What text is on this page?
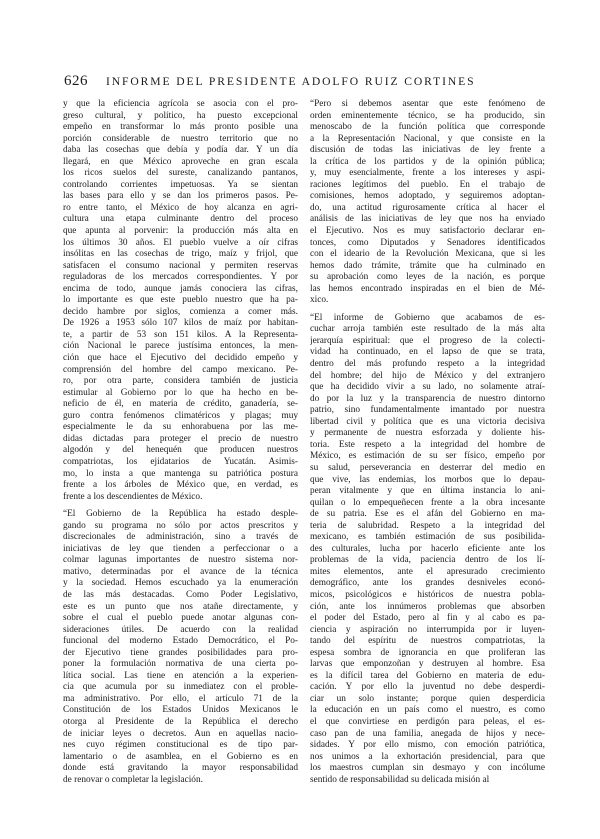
626	INFORME DEL PRESIDENTE ADOLFO RUIZ CORTINES
y que la eficiencia agrícola se asocia con el pro-
greso cultural, y político, ha puesto excepcional
empeño en transformar lo más pronto posible una
porción considerable de nuestro territorio que no
daba las cosechas que debía y podía dar. Y un día
llegará, en que México aproveche en gran escala
los ricos suelos del sureste, canalizando pantanos,
controlando corrientes impetuosas. Ya se sientan
las bases para ello y se dan los primeros pasos. Pe-
ro entre tanto, el México de hoy alcanza en agri-
cultura una etapa culminante dentro del proceso
que apunta al porvenir: la producción más alta en
los últimos 30 años. El pueblo vuelve a oír cifras
insólitas en las cosechas de trigo, maíz y frijol, que
satisfacen el consumo nacional y permiten reservas
reguladoras de los mercados correspondientes. Y por
encima de todo, aunque jamás conociera las cifras,
lo importante es que este pueblo nuestro que ha pa-
decido hambre por siglos, comienza a comer más.
De 1926 a 1953 sólo 107 kilos de maíz por habitan-
te, a partir de 53 son 151 kilos. A la Representa-
ción Nacional le parece justísima entonces, la men-
ción que hace el Ejecutivo del decidido empeño y
comprensión del hombre del campo mexicano. Pe-
ro, por otra parte, considera también de justicia
estimular al Gobierno por lo que ha hecho en be-
neficio de él, en materia de crédito, ganadería, se-
guro contra fenómenos climatéricos y plagas; muy
especialmente le da su enhorabuena por las me-
didas dictadas para proteger el precio de nuestro
algodón y del henequén que producen nuestros
compatriotas, los ejidatarios de Yucatán. Asimis-
mo, lo insta a que mantenga su patriótica postura
frente a los árboles de México que, en verdad, es
frente a los descendientes de México.
“El Gobierno de la República ha estado desple-
gando su programa no sólo por actos prescritos y
discrecionales de administración, sino a través de
iniciativas de ley que tienden a perfeccionar o a
colmar lagunas importantes de nuestro sistema nor-
mativo, determinadas por el avance de la técnica
y la sociedad. Hemos escuchado ya la enumeración
de las más destacadas. Como Poder Legislativo,
este es un punto que nos atañe directamente, y
sobre el cual el pueblo puede anotar algunas con-
sideraciones útiles. De acuerdo con la realidad
funcional del moderno Estado Democrático, el Po-
der Ejecutivo tiene grandes posibilidades para pro-
poner la formulación normativa de una cierta po-
lítica social. Las tiene en atención a la experien-
cia que acumula por su inmediatez con el proble-
ma administrativo. Por ello, el artículo 71 de la
Constitución de los Estados Unidos Mexicanos le
otorga al Presidente de la República el derecho
de iniciar leyes o decretos. Aun en aquellas nacio-
nes cuyo régimen constitucional es de tipo par-
lamentario o de asamblea, en el Gobierno es en
donde está gravitando la mayor responsabilidad
de renovar o completar la legislación.
“Pero si debemos asentar que este fenómeno de
orden eminentemente técnico, se ha producido, sin
menoscabo de la función política que corresponde
a la Representación Nacional, y que consiste en la
discusión de todas las iniciativas de ley frente a
la crítica de los partidos y de la opinión pública;
y, muy esencialmente, frente a los intereses y aspi-
raciones legítimos del pueblo. En el trabajo de
comisiones, hemos adoptado, y seguiremos adoptan-
do, una actitud rigurosamente crítica al hacer el
análisis de las iniciativas de ley que nos ha enviado
el Ejecutivo. Nos es muy satisfactorio declarar en-
tonces, como Diputados y Senadores identificados
con el ideario de la Revolución Mexicana, que si les
hemos dado trámite, trámite que ha culminado en
su aprobación como leyes de la nación, es porque
las hemos encontrado inspiradas en el bien de Mé-
xico.
“El informe de Gobierno que acabamos de es-
cuchar arroja también este resultado de la más alta
jerarquía espiritual: que el progreso de la colecti-
vidad ha continuado, en el lapso de que se trata,
dentro del más profundo respeto a la integridad
del hombre; del hijo de México y del extranjero
que ha decidido vivir a su lado, no solamente atraí-
do por la luz y la transparencia de nuestro dintorno
patrio, sino fundamentalmente imantado por nuestra
libertad civil y política que es una victoria decisiva
y permanente de nuestra esforzada y doliente his-
toria. Este respeto a la integridad del hombre de
México, es estimación de su ser físico, empeño por
su salud, perseverancia en desterrar del medio en
que vive, las endemias, los morbos que lo depau-
peran vitalmente y que en última instancia lo ani-
quilan o lo empequeñecen frente a la obra incesante
de su patria. Ese es el afán del Gobierno en ma-
teria de salubridad. Respeto a la integridad del
mexicano, es también estimación de sus posibilida-
des culturales, lucha por hacerlo eficiente ante los
problemas de la vida, paciencia dentro de los lí-
mites elementos, ante el apresurado crecimiento
demográfico, ante los grandes desniveles econó-
micos, psicológicos e históricos de nuestra pobla-
ción, ante los innúmeros problemas que absorben
el poder del Estado, pero al fin y al cabo es pa-
ciencia y aspiración no interrumpida por ir luyen-
tando del espíritu de nuestros compatriotas, la
espesa sombra de ignorancia en que proliferan las
larvas que emponzoñan y destruyen al hombre. Esa
es la difícil tarea del Gobierno en materia de edu-
cación. Y por ello la juventud no debe desperdi-
ciar un solo instante; porque quien desperdicia
la educación en un país como el nuestro, es como
el que convirtiese en perdigón para peleas, el es-
caso pan de una familia, anegada de hijos y nece-
sidades. Y por ello mismo, con emoción patriótica,
nos unimos a la exhortación presidencial, para que
los maestros cumplan sin desmayo y con incólume
sentido de responsabilidad su delicada misión al
